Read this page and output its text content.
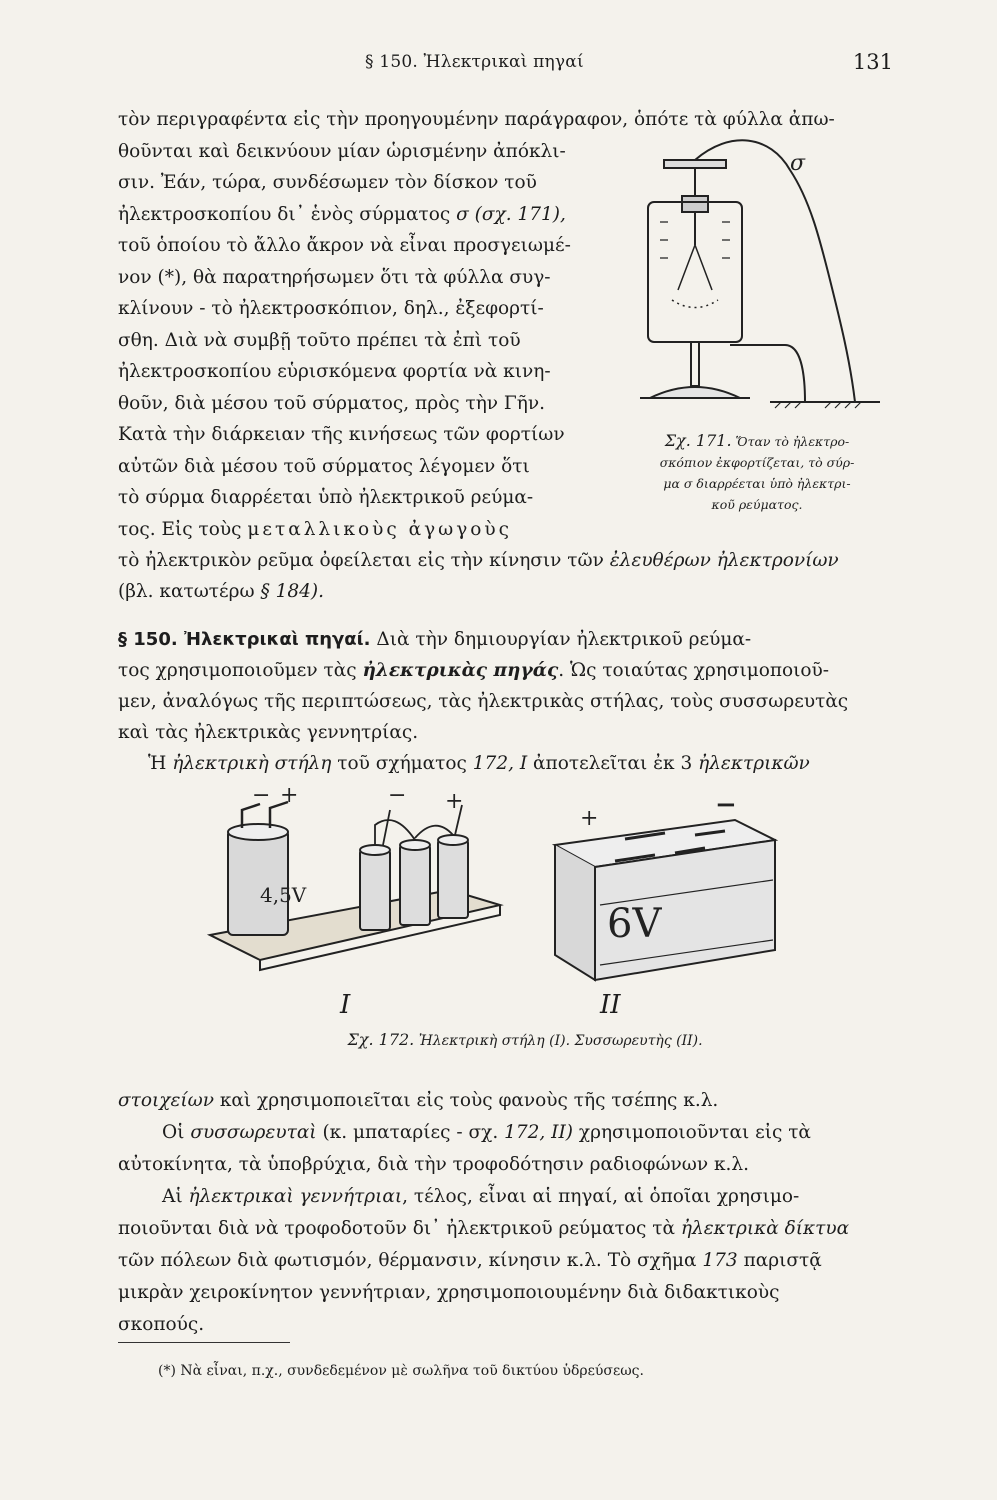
§ 150. Ἠλεκτρικαὶ πηγαί	131
τὸν περιγραφέντα εἰς τὴν προηγουμένην παράγραφον, ὁπότε τὰ φύλλα ἀπω-
θοῦνται καὶ δεικνύουν μίαν ὡρισμένην ἀπόκλι-
σιν. Ἐάν, τώρα, συνδέσωμεν τὸν δίσκον τοῦ
ἠλεκτροσκοπίου δι᾽ ἑνὸς σύρματος σ (σχ. 171),
τοῦ ὁποίου τὸ ἄλλο ἄκρον νὰ εἶναι προσγειωμέ-
νον (*), θὰ παρατηρήσωμεν ὅτι τὰ φύλλα συγ-
κλίνουν - τὸ ἠλεκτροσκόπιον, δηλ., ἐξεφορτί-
σθη. Διὰ νὰ συμβῇ τοῦτο πρέπει τὰ ἐπὶ τοῦ
ἠλεκτροσκοπίου εὑρισκόμενα φορτία νὰ κινη-
θοῦν, διὰ μέσου τοῦ σύρματος, πρὸς τὴν Γῆν.
Κατὰ τὴν διάρκειαν τῆς κινήσεως τῶν φορτίων
αὐτῶν διὰ μέσου τοῦ σύρματος λέγομεν ὅτι
τὸ σύρμα διαρρέεται ὑπὸ ἠλεκτρικοῦ ρεύμα-
τος. Εἰς τοὺς μεταλλικοὺς ἀγωγοὺς
τὸ ἠλεκτρικὸν ρεῦμα ὀφείλεται εἰς τὴν κίνησιν τῶν ἐλευθέρων ἠλεκτρονίων
(βλ. κατωτέρω § 184).
σ
Σχ. 171. Ὅταν τὸ ἠλεκτρο-
σκόπιον ἐκφορτίζεται, τὸ σύρ-
μα σ διαρρέεται ὑπὸ ἠλεκτρι-
κοῦ ρεύματος.
§ 150. Ἠλεκτρικαὶ πηγαί. Διὰ τὴν δημιουργίαν ἠλεκτρικοῦ ρεύμα-
τος χρησιμοποιοῦμεν τὰς ἠλεκτρικὰς πηγάς. Ὡς τοιαύτας χρησιμοποιοῦ-
μεν, ἀναλόγως τῆς περιπτώσεως, τὰς ἠλεκτρικὰς στήλας, τοὺς συσσωρευτὰς
καὶ τὰς ἠλεκτρικὰς γεννητρίας.
Ἡ ἠλεκτρικὴ στήλη τοῦ σχήματος 172, I ἀποτελεῖται ἐκ 3 ἠλεκτρικῶν
− +	− +
4,5V
+	−
6V
I	II
Σχ. 172. Ἠλεκτρικὴ στήλη (I). Συσσωρευτὴς (II).
στοιχείων καὶ χρησιμοποιεῖται εἰς τοὺς φανοὺς τῆς τσέπης κ.λ.
Οἱ συσσωρευταὶ (κ. μπαταρίες - σχ. 172, II) χρησιμοποιοῦνται εἰς τὰ
αὐτοκίνητα, τὰ ὑποβρύχια, διὰ τὴν τροφοδότησιν ραδιοφώνων κ.λ.
Αἱ ἠλεκτρικαὶ γεννήτριαι, τέλος, εἶναι αἱ πηγαί, αἱ ὁποῖαι χρησιμο-
ποιοῦνται διὰ νὰ τροφοδοτοῦν δι᾽ ἠλεκτρικοῦ ρεύματος τὰ ἠλεκτρικὰ δίκτυα
τῶν πόλεων διὰ φωτισμόν, θέρμανσιν, κίνησιν κ.λ. Τὸ σχῆμα 173 παριστᾷ
μικρὰν χειροκίνητον γεννήτριαν, χρησιμοποιουμένην διὰ διδακτικοὺς
σκοπούς.
(*) Νὰ εἶναι, π.χ., συνδεδεμένον μὲ σωλῆνα τοῦ δικτύου ὑδρεύσεως.
